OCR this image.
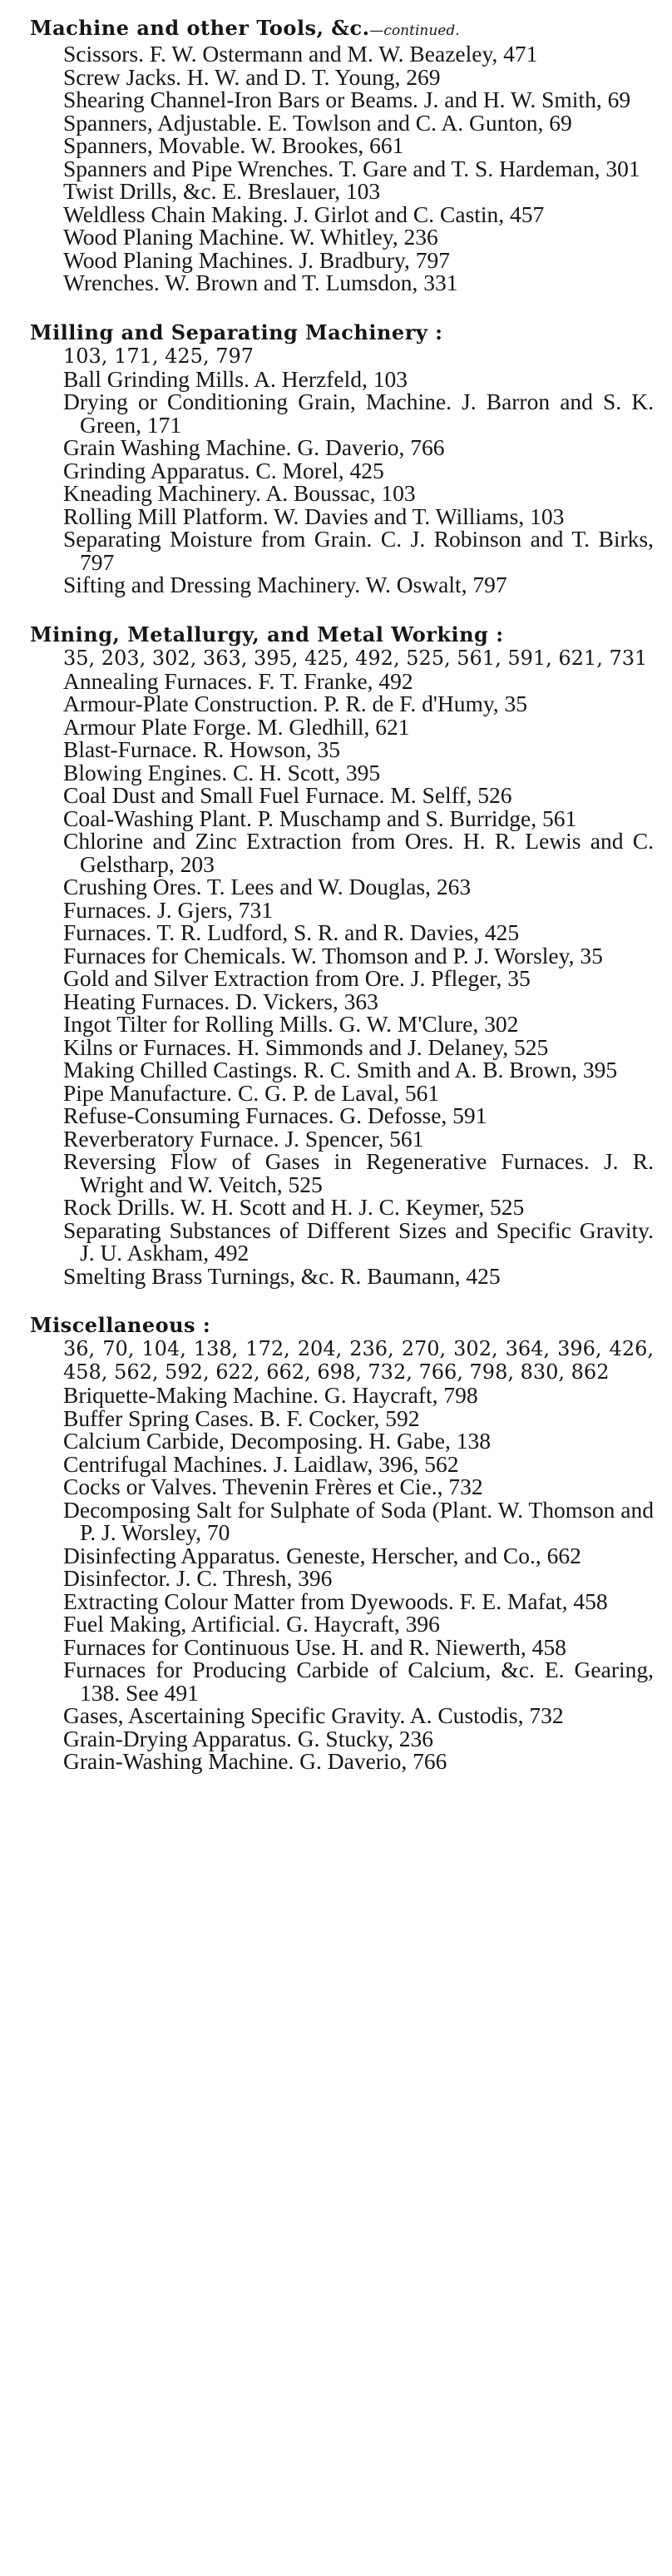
Machine and other Tools, &c.—continued.

Scissors. F. W. Ostermann and M. W. Beazeley, 471

Screw Jacks. H. W. and D. T. Young, 269

Shearing Channel-Iron Bars or Beams. J. and H. W. Smith, 69

Spanners, Adjustable. E. Towlson and C. A. Gunton, 69

Spanners, Movable. W. Brookes, 661

Spanners and Pipe Wrenches. T. Gare and T. S. Hardeman, 301

Twist Drills, &c. E. Breslauer, 103

Weldless Chain Making. J. Girlot and C. Castin, 457

Wood Planing Machine. W. Whitley, 236

Wood Planing Machines. J. Bradbury, 797

Wrenches. W. Brown and T. Lumsdon, 331

Milling and Separating Machinery :

103, 171, 425, 797

Ball Grinding Mills. A. Herzfeld, 103

Drying or Conditioning Grain, Machine. J. Barron and S. K. Green, 171

Grain Washing Machine. G. Daverio, 766

Grinding Apparatus. C. Morel, 425

Kneading Machinery. A. Boussac, 103

Rolling Mill Platform. W. Davies and T. Williams, 103

Separating Moisture from Grain. C. J. Robinson and T. Birks, 797

Sifting and Dressing Machinery. W. Oswalt, 797

Mining, Metallurgy, and Metal Working :

35, 203, 302, 363, 395, 425, 492, 525, 561, 591, 621, 731

Annealing Furnaces. F. T. Franke, 492

Armour-Plate Construction. P. R. de F. d'Humy, 35

Armour Plate Forge. M. Gledhill, 621

Blast-Furnace. R. Howson, 35

Blowing Engines. C. H. Scott, 395

Coal Dust and Small Fuel Furnace. M. Selff, 526

Coal-Washing Plant. P. Muschamp and S. Burridge, 561

Chlorine and Zinc Extraction from Ores. H. R. Lewis and C. Gelstharp, 203

Crushing Ores. T. Lees and W. Douglas, 263

Furnaces. J. Gjers, 731

Furnaces. T. R. Ludford, S. R. and R. Davies, 425

Furnaces for Chemicals. W. Thomson and P. J. Worsley, 35

Gold and Silver Extraction from Ore. J. Pfleger, 35

Heating Furnaces. D. Vickers, 363

Ingot Tilter for Rolling Mills. G. W. M'Clure, 302

Kilns or Furnaces. H. Simmonds and J. Delaney, 525

Making Chilled Castings. R. C. Smith and A. B. Brown, 395

Pipe Manufacture. C. G. P. de Laval, 561

Refuse-Consuming Furnaces. G. Defosse, 591

Reverberatory Furnace. J. Spencer, 561

Reversing Flow of Gases in Regenerative Furnaces. J. R. Wright and W. Veitch, 525

Rock Drills. W. H. Scott and H. J. C. Keymer, 525

Separating Substances of Different Sizes and Specific Gravity. J. U. Askham, 492

Smelting Brass Turnings, &c. R. Baumann, 425

Miscellaneous :

36, 70, 104, 138, 172, 204, 236, 270, 302, 364, 396, 426, 458, 562, 592, 622, 662, 698, 732, 766, 798, 830, 862

Briquette-Making Machine. G. Haycraft, 798

Buffer Spring Cases. B. F. Cocker, 592

Calcium Carbide, Decomposing. H. Gabe, 138

Centrifugal Machines. J. Laidlaw, 396, 562

Cocks or Valves. Thevenin Frères et Cie., 732

Decomposing Salt for Sulphate of Soda (Plant. W. Thomson and P. J. Worsley, 70

Disinfecting Apparatus. Geneste, Herscher, and Co., 662

Disinfector. J. C. Thresh, 396

Extracting Colour Matter from Dyewoods. F. E. Mafat, 458

Fuel Making, Artificial. G. Haycraft, 396

Furnaces for Continuous Use. H. and R. Niewerth, 458

Furnaces for Producing Carbide of Calcium, &c. E. Gearing, 138. See 491

Gases, Ascertaining Specific Gravity. A. Custodis, 732

Grain-Drying Apparatus. G. Stucky, 236

Grain-Washing Machine. G. Daverio, 766
